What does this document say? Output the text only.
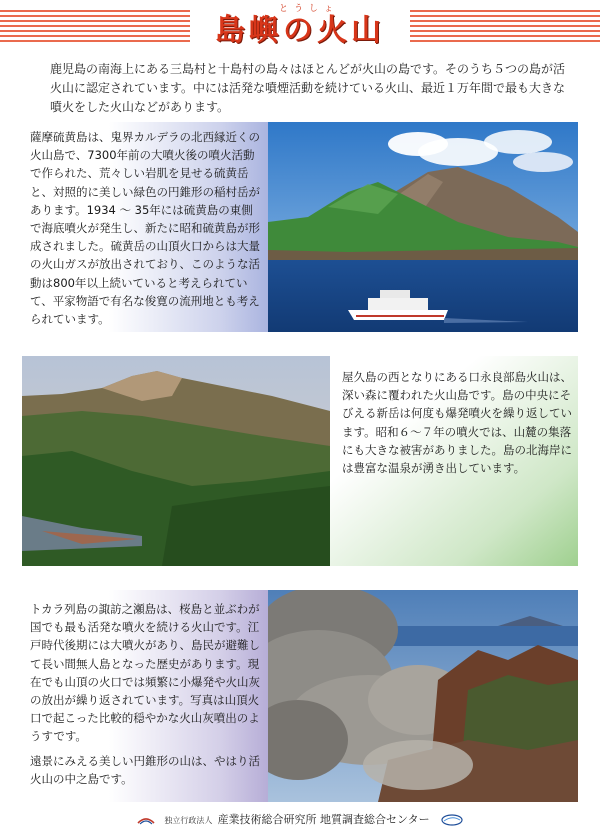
とうしょ
島嶼の火山
鹿児島の南海上にある三島村と十島村の島々はほとんどが火山の島です。そのうち５つの島が活火山に認定されています。中には活発な噴煙活動を続けている火山、最近１万年間で最も大きな噴火をした火山などがあります。

薩摩硫黄島は、鬼界カルデラの北西縁近くの火山島で、7300年前の大噴火後の噴火活動で作られた、荒々しい岩肌を見せる硫黄岳と、対照的に美しい緑色の円錐形の稲村岳があります。1934 〜 35年には硫黄島の東側で海底噴火が発生し、新たに昭和硫黄島が形成されました。硫黄岳の山頂火口からは大量の火山ガスが放出されており、このような活動は800年以上続いていると考えられていて、平家物語で有名な俊寛の流刑地とも考えられています。

屋久島の西となりにある口永良部島火山は、深い森に覆われた火山島です。島の中央にそびえる新岳は何度も爆発噴火を繰り返しています。昭和６〜７年の噴火では、山麓の集落にも大きな被害がありました。島の北海岸には豊富な温泉が湧き出しています。

トカラ列島の諏訪之瀬島は、桜島と並ぶわが国でも最も活発な噴火を続ける火山です。江戸時代後期には大噴火があり、島民が避難して長い間無人島となった歴史があります。現在でも山頂の火口では頻繁に小爆発や火山灰の放出が繰り返されています。写真は山頂火口で起こった比較的穏やかな火山灰噴出のようすです。

遠景にみえる美しい円錐形の山は、やはり活火山の中之島です。

独立行政法人 産業技術総合研究所 地質調査総合センター
